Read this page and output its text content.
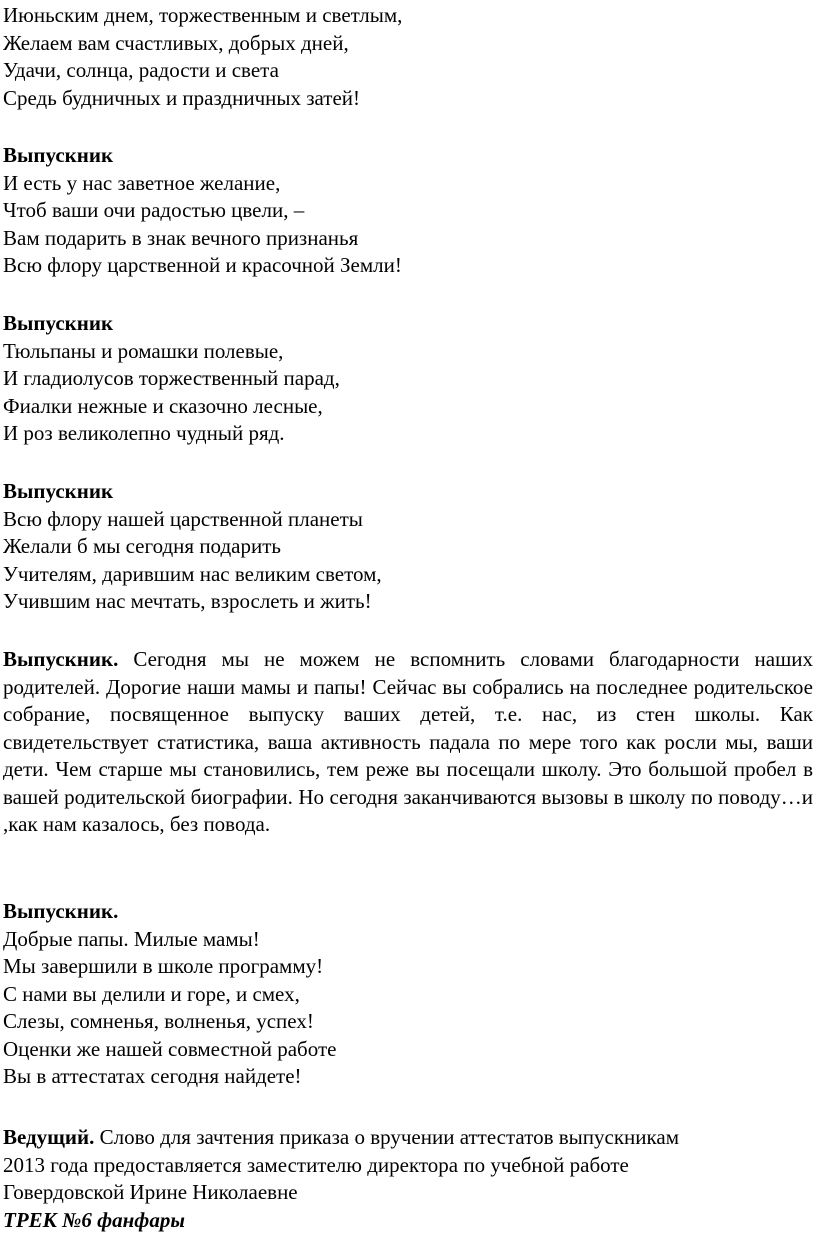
Июньским днем, торжественным и светлым,
Желаем вам счастливых, добрых дней,
Удачи, солнца, радости и света
Средь будничных и праздничных затей!
Выпускник
И есть у нас заветное желание,
Чтоб ваши очи радостью цвели, –
Вам подарить в знак вечного признанья
Всю флору царственной и красочной Земли!
Выпускник
Тюльпаны и ромашки полевые,
И гладиолусов торжественный парад,
Фиалки нежные и сказочно лесные,
И роз великолепно чудный ряд.
Выпускник
Всю флору нашей царственной планеты
Желали б мы сегодня подарить
Учителям, дарившим нас великим светом,
Учившим нас мечтать, взрослеть и жить!
Выпускник. Сегодня мы не можем не вспомнить словами благодарности наших родителей. Дорогие наши мамы и папы! Сейчас вы собрались на последнее родительское собрание, посвященное выпуску ваших детей, т.е. нас, из стен школы. Как свидетельствует статистика, ваша активность падала по мере того как росли мы, ваши дети. Чем старше мы становились, тем реже вы посещали школу. Это большой пробел в вашей родительской биографии. Но сегодня заканчиваются вызовы в школу по поводу…и ,как нам казалось, без повода.
Выпускник.
Добрые папы. Милые мамы!
Мы завершили в школе программу!
С нами вы делили и горе, и смех,
Слезы, сомненья, волненья, успех!
Оценки же нашей совместной работе
Вы в аттестатах сегодня найдете!
Ведущий. Слово для зачтения приказа о вручении аттестатов выпускникам
2013 года предоставляется заместителю директора по учебной работе
Говердовской Ирине Николаевне
ТРЕК №6 фанфары
